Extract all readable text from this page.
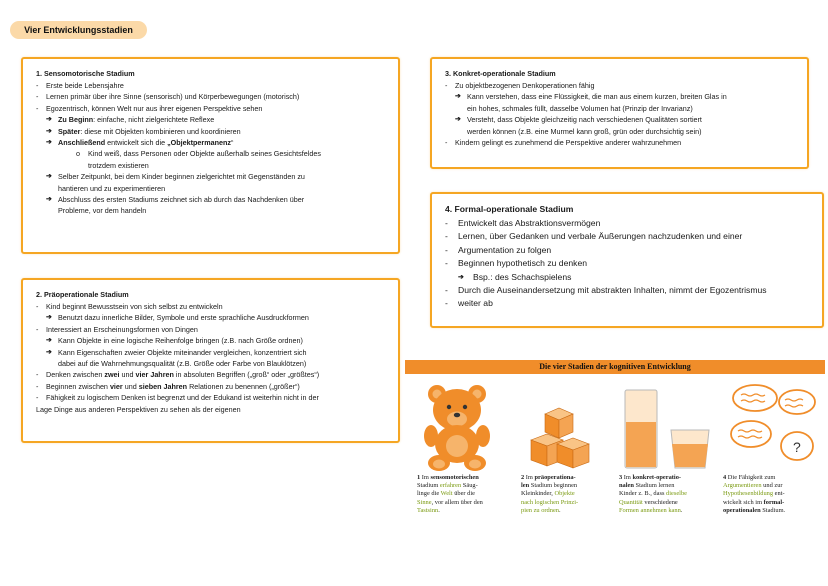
Vier Entwicklungsstadien
1. Sensomotorische Stadium
- Erste beide Lebensjahre
- Lernen primär über ihre Sinne (sensorisch) und Körperbewegungen (motorisch)
- Egozentrisch, können Welt nur aus ihrer eigenen Perspektive sehen
➔ Zu Beginn: einfache, nicht zielgerichtete Reflexe
➔ Später: diese mit Objekten kombinieren und koordinieren
➔ Anschließend entwickelt sich die „Objektpermanenz“
o Kind weiß, dass Personen oder Objekte außerhalb seines Gesichtsfeldes
trotzdem existieren
➔ Selber Zeitpunkt, bei dem Kinder beginnen zielgerichtet mit Gegenständen zu
hantieren und zu experimentieren
➔ Abschluss des ersten Stadiums zeichnet sich ab durch das Nachdenken über
Probleme, vor dem handeln
2. Präoperationale Stadium
- Kind beginnt Bewusstsein von sich selbst zu entwickeln
➔ Benutzt dazu innerliche Bilder, Symbole und erste sprachliche Ausdruckformen
- Interessiert an Erscheinungsformen von Dingen
➔ Kann Objekte in eine logische Reihenfolge bringen (z.B. nach Größe ordnen)
➔ Kann Eigenschaften zweier Objekte miteinander vergleichen, konzentriert sich
dabei auf die Wahrnehmungsqualität (z.B. Größe oder Farbe von Blauklötzen)
- Denken zwischen zwei und vier Jahren in absoluten Begriffen („groß“ oder „größtes“)
- Beginnen zwischen vier und sieben Jahren Relationen zu benennen („größer“)
- Fähigkeit zu logischem Denken ist begrenzt und der Edukand ist weiterhin nicht in der
Lage Dinge aus anderen Perspektiven zu sehen als der eigenen
3. Konkret-operationale Stadium
- Zu objektbezogenen Denkoperationen fähig
➔ Kann verstehen, dass eine Flüssigkeit, die man aus einem kurzen, breiten Glas in
ein hohes, schmales füllt, dasselbe Volumen hat (Prinzip der Invarianz)
➔ Versteht, dass Objekte gleichzeitig nach verschiedenen Qualitäten sortiert
werden können (z.B. eine Murmel kann groß, grün oder durchsichtig sein)
- Kindern gelingt es zunehmend die Perspektive anderer wahrzunehmen
4. Formal-operationale Stadium
- Entwickelt das Abstraktionsvermögen
- Lernen, über Gedanken und verbale Äußerungen nachzudenken und einer
- Argumentation zu folgen
- Beginnen hypothetisch zu denken
➔ Bsp.: des Schachspielens
- Durch die Auseinandersetzung mit abstrakten Inhalten, nimmt der Egozentrismus
- weiter ab
Die vier Stadien der kognitiven Entwicklung
?
1 Im sensomotorischen
Stadium erfahren Säug-
linge die Welt über die
Sinne, vor allem über den
Tastsinn.
2 Im präoperationa-
len Stadium beginnen
Kleinkinder, Objekte
nach logischen Prinzi-
pien zu ordnen.
3 Im konkret-operatio-
nalen Stadium lernen
Kinder z. B., dass dieselbe
Quantität verschiedene
Formen annehmen kann.
4 Die Fähigkeit zum
Argumentieren und zur
Hypothesenbildung ent-
wickelt sich im formal-
operationalen Stadium.
